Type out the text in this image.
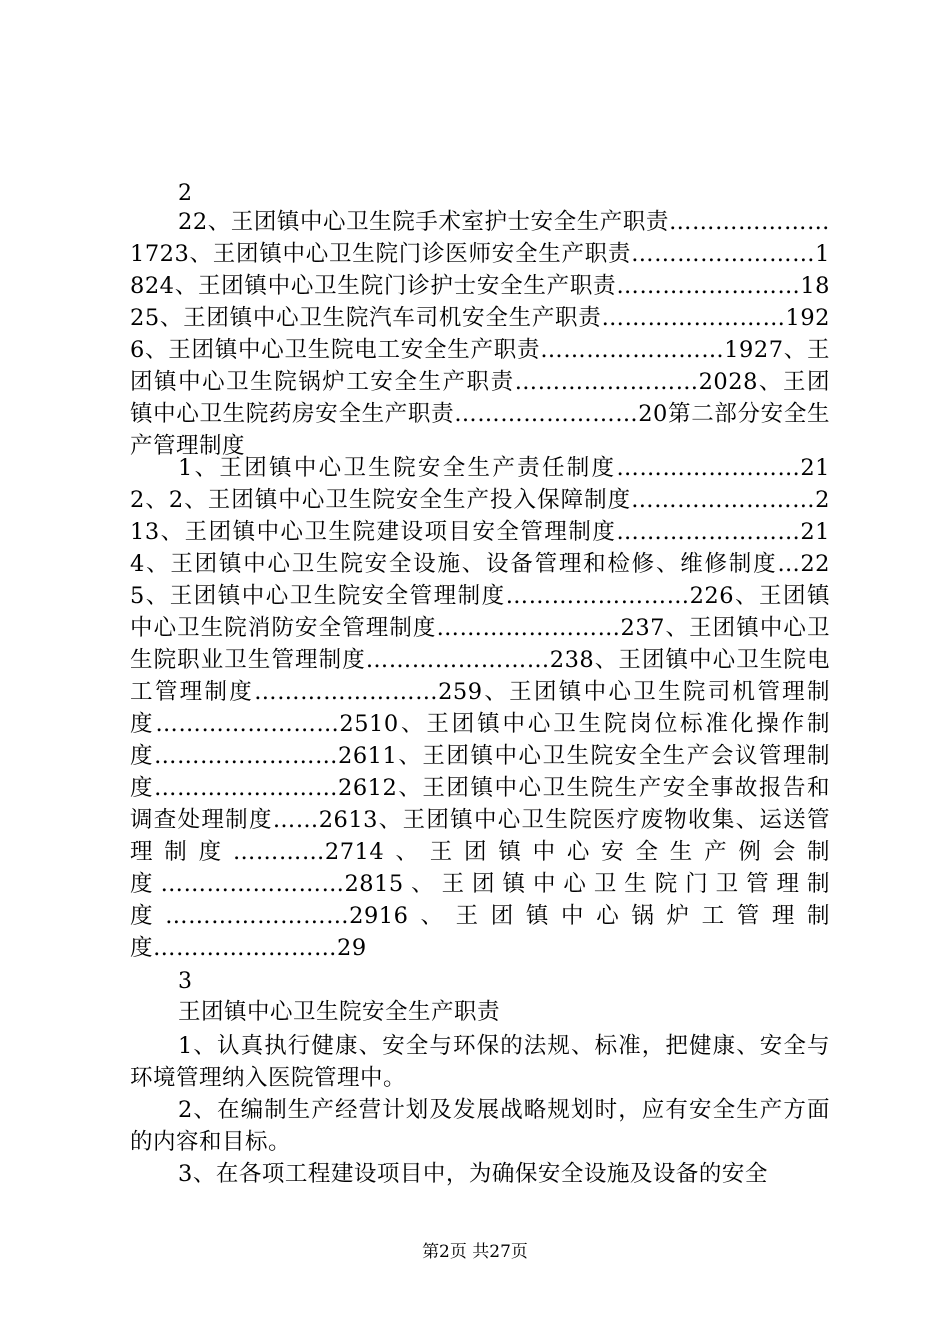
2
22、王团镇中心卫生院手术室护士安全生产职责…………………1723、王团镇中心卫生院门诊医师安全生产职责……………………1824、王团镇中心卫生院门诊护士安全生产职责……………………1825、王团镇中心卫生院汽车司机安全生产职责……………………1926、王团镇中心卫生院电工安全生产职责……………………1927、王团镇中心卫生院锅炉工安全生产职责……………………2028、王团镇中心卫生院药房安全生产职责……………………20第二部分安全生产管理制度
1、王团镇中心卫生院安全生产责任制度……………………212、2、王团镇中心卫生院安全生产投入保障制度……………………213、王团镇中心卫生院建设项目安全管理制度……………………214、王团镇中心卫生院安全设施、设备管理和检修、维修制度…225、王团镇中心卫生院安全管理制度……………………226、王团镇中心卫生院消防安全管理制度……………………237、王团镇中心卫生院职业卫生管理制度……………………238、王团镇中心卫生院电工管理制度……………………259、王团镇中心卫生院司机管理制度……………………2510、王团镇中心卫生院岗位标准化操作制度……………………2611、王团镇中心卫生院安全生产会议管理制度……………………2612、王团镇中心卫生院生产安全事故报告和调查处理制度……2613、王团镇中心卫生院医疗废物收集、运送管理制度…………2714、王团镇中心安全生产例会制度……………………2815、王团镇中心卫生院门卫管理制度……………………2916、王团镇中心锅炉工管理制度……………………29
3
王团镇中心卫生院安全生产职责

1、认真执行健康、安全与环保的法规、标准，把健康、安全与环境管理纳入医院管理中。

2、在编制生产经营计划及发展战略规划时，应有安全生产方面的内容和目标。

3、在各项工程建设项目中，为确保安全设施及设备的安全

第2页 共27页
